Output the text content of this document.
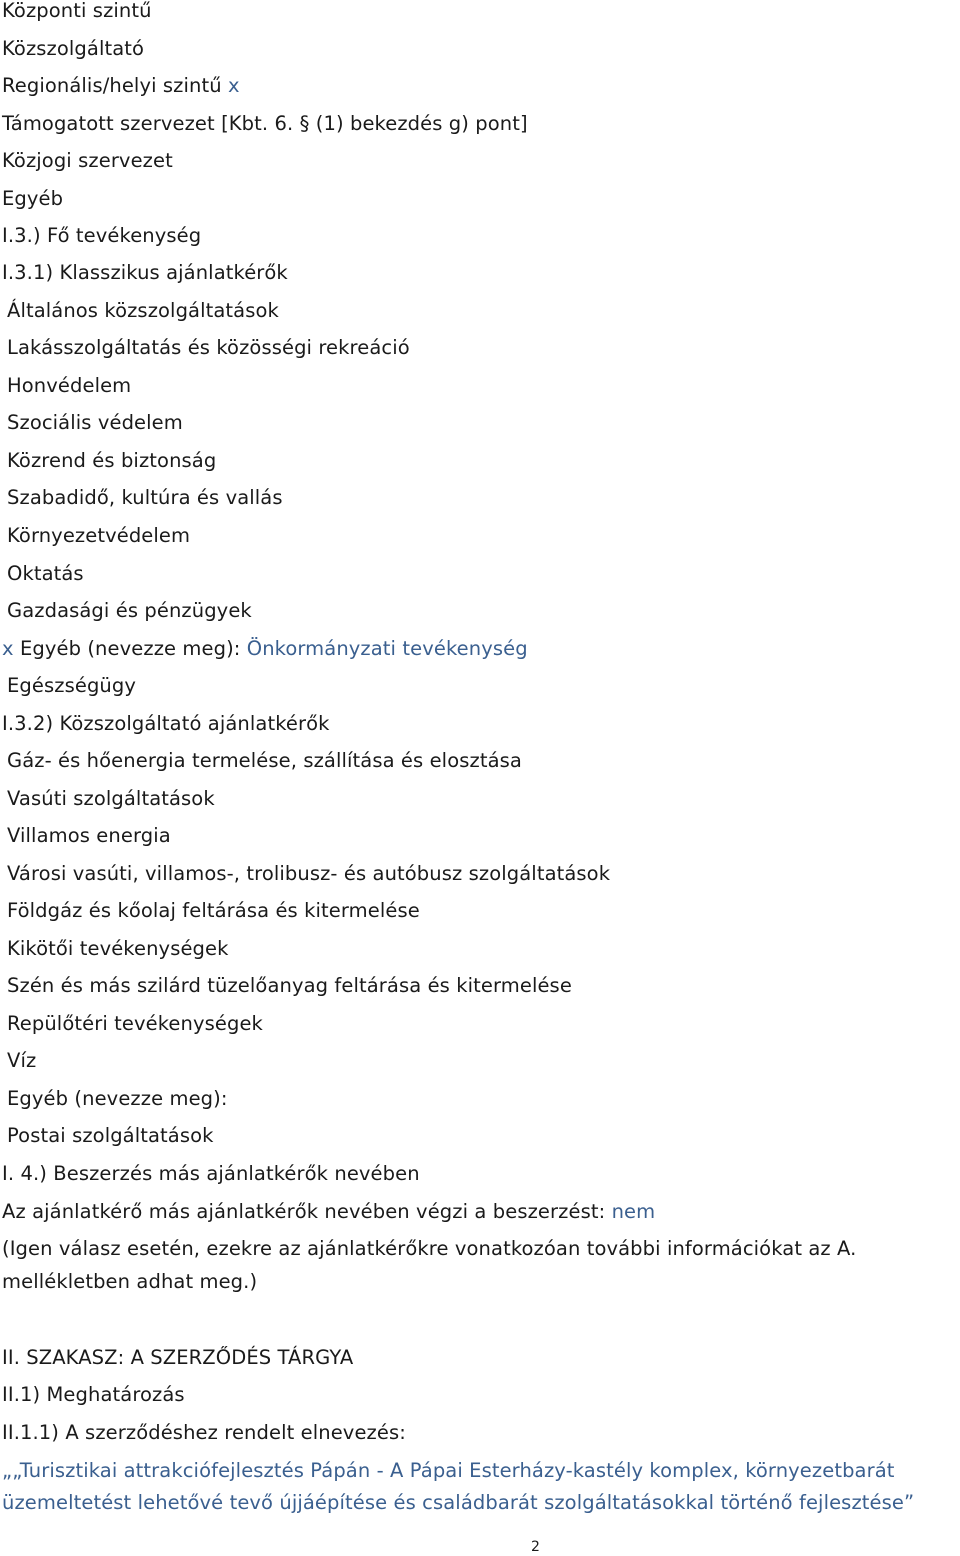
Központi szintű
Közszolgáltató
Regionális/helyi szintű x
Támogatott szervezet [Kbt. 6. § (1) bekezdés g) pont]
Közjogi szervezet
Egyéb
I.3.) Fő tevékenység
I.3.1) Klasszikus ajánlatkérők
Általános közszolgáltatások
Lakásszolgáltatás és közösségi rekreáció
Honvédelem
Szociális védelem
Közrend és biztonság
Szabadidő, kultúra és vallás
Környezetvédelem
Oktatás
Gazdasági és pénzügyek
x Egyéb (nevezze meg): Önkormányzati tevékenység
Egészségügy
I.3.2) Közszolgáltató ajánlatkérők
Gáz- és hőenergia termelése, szállítása és elosztása
Vasúti szolgáltatások
Villamos energia
Városi vasúti, villamos-, trolibusz- és autóbusz szolgáltatások
Földgáz és kőolaj feltárása és kitermelése
Kikötői tevékenységek
Szén és más szilárd tüzelőanyag feltárása és kitermelése
Repülőtéri tevékenységek
Víz
Egyéb (nevezze meg):
Postai szolgáltatások
I. 4.) Beszerzés más ajánlatkérők nevében
Az ajánlatkérő más ajánlatkérők nevében végzi a beszerzést: nem
(Igen válasz esetén, ezekre az ajánlatkérőkre vonatkozóan további információkat az A.
mellékletben adhat meg.)
II. SZAKASZ: A SZERZŐDÉS TÁRGYA
II.1) Meghatározás
II.1.1) A szerződéshez rendelt elnevezés:
„„Turisztikai attrakciófejlesztés Pápán - A Pápai Esterházy-kastély komplex, környezetbarát
üzemeltetést lehetővé tevő újjáépítése és családbarát szolgáltatásokkal történő fejlesztése”
2
